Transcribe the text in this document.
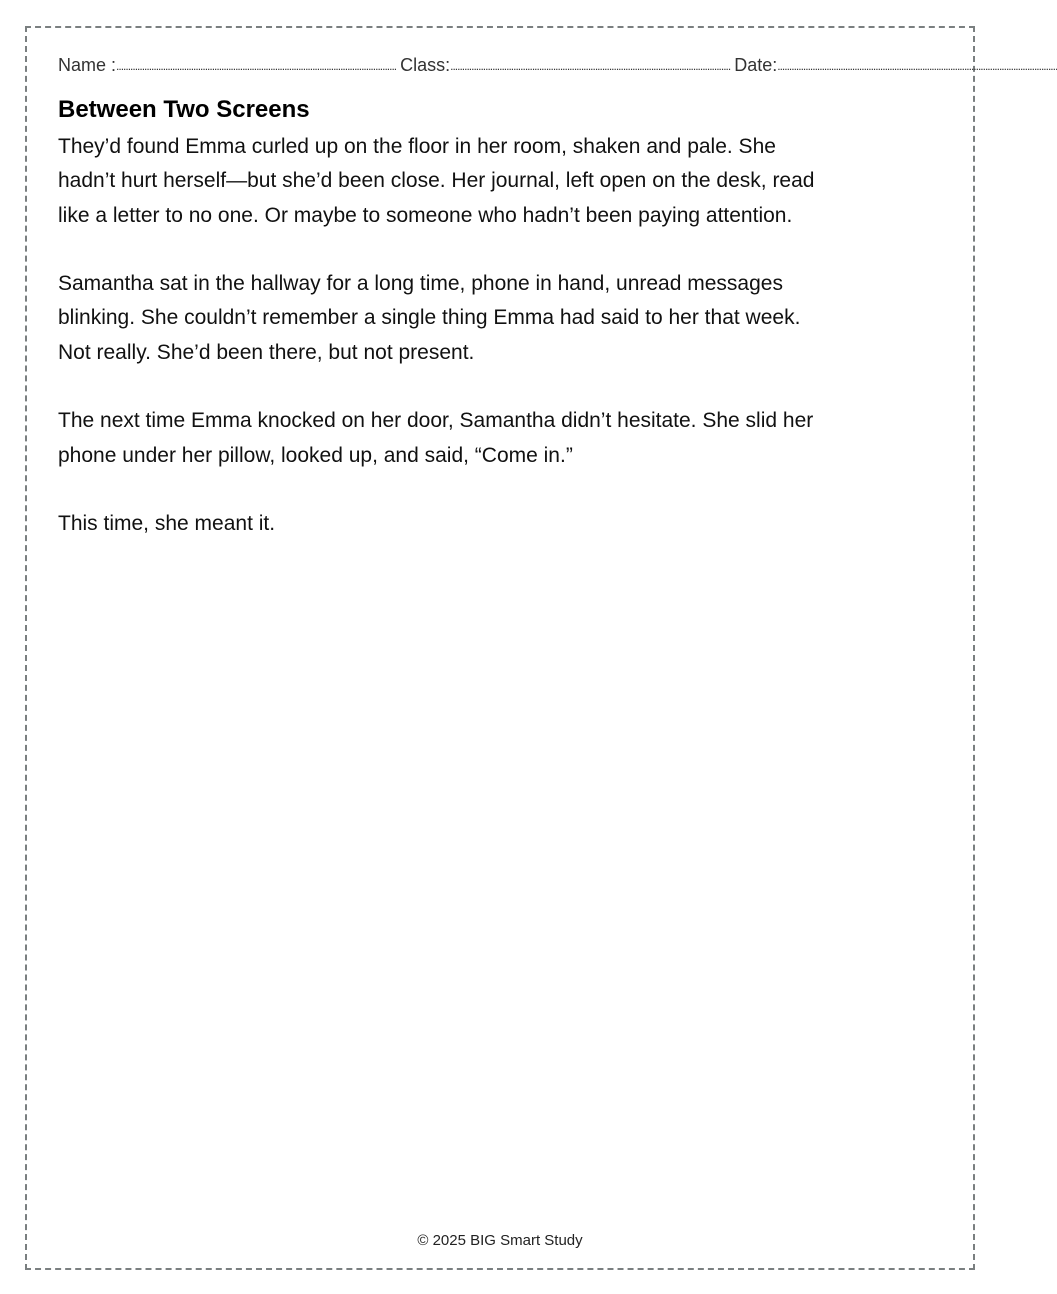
Name : ........................................................................................................................ Class: ........................................................................................................................ Date: ........................................................................................................................
Between Two Screens

They’d found Emma curled up on the floor in her room, shaken and pale. She
hadn’t hurt herself—but she’d been close. Her journal, left open on the desk, read
like a letter to no one. Or maybe to someone who hadn’t been paying attention.

Samantha sat in the hallway for a long time, phone in hand, unread messages
blinking. She couldn’t remember a single thing Emma had said to her that week.
Not really. She’d been there, but not present.

The next time Emma knocked on her door, Samantha didn’t hesitate. She slid her
phone under her pillow, looked up, and said, “Come in.”

This time, she meant it.

© 2025 BIG Smart Study
